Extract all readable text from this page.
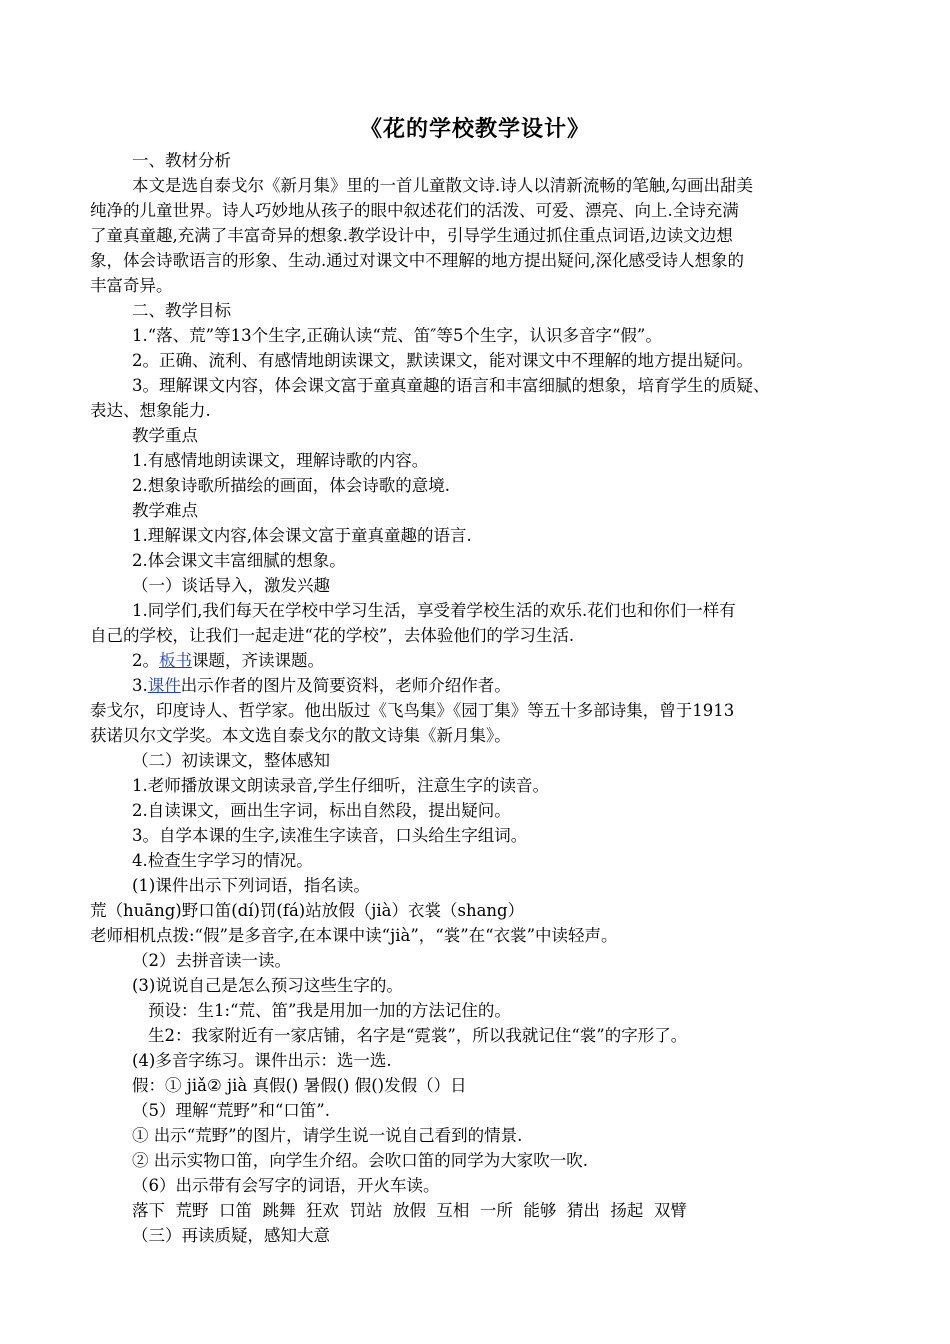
《花的学校教学设计》
一、教材分析
本文是选自泰戈尔《新月集》里的一首儿童散文诗.诗人以清新流畅的笔触,勾画出甜美
纯净的儿童世界。诗人巧妙地从孩子的眼中叙述花们的活泼、可爱、漂亮、向上.全诗充满
了童真童趣,充满了丰富奇异的想象.教学设计中，引导学生通过抓住重点词语,边读文边想
象，体会诗歌语言的形象、生动.通过对课文中不理解的地方提出疑问,深化感受诗人想象的
丰富奇异。
二、教学目标
1.“落、荒”等13个生字,正确认读“荒、笛″等5个生字，认识多音字“假”。
2。正确、流利、有感情地朗读课文，默读课文，能对课文中不理解的地方提出疑问。
3。理解课文内容，体会课文富于童真童趣的语言和丰富细腻的想象，培育学生的质疑、
表达、想象能力.
教学重点
1.有感情地朗读课文，理解诗歌的内容。
2.想象诗歌所描绘的画面，体会诗歌的意境.
教学难点
1.理解课文内容,体会课文富于童真童趣的语言.
2.体会课文丰富细腻的想象。
（一）谈话导入，激发兴趣
1.同学们,我们每天在学校中学习生活，享受着学校生活的欢乐.花们也和你们一样有
自己的学校，让我们一起走进“花的学校”，去体验他们的学习生活.
2。板书课题，齐读课题。
3.课件出示作者的图片及简要资料，老师介绍作者。
泰戈尔，印度诗人、哲学家。他出版过《飞鸟集》《园丁集》等五十多部诗集，曾于1913
获诺贝尔文学奖。本文选自泰戈尔的散文诗集《新月集》。
（二）初读课文，整体感知
1.老师播放课文朗读录音,学生仔细听，注意生字的读音。
2.自读课文，画出生字词，标出自然段，提出疑问。
3。自学本课的生字,读准生字读音，口头给生字组词。
4.检查生字学习的情况。
(1)课件出示下列词语，指名读。
荒（huāng)野口笛(dí)罚(fá)站放假（jià）衣裳（shang）
老师相机点拨:“假”是多音字,在本课中读“jià”，“裳”在“衣裳”中读轻声。
（2）去拼音读一读。
(3)说说自己是怎么预习这些生字的。
预设：生1:“荒、笛”我是用加一加的方法记住的。
生2：我家附近有一家店铺，名字是“霓裳”，所以我就记住“裳”的字形了。
(4)多音字练习。课件出示：选一选.
假：① jiǎ② jià 真假() 暑假() 假()发假（）日
（5）理解“荒野”和“口笛”.
① 出示“荒野”的图片，请学生说一说自己看到的情景.
② 出示实物口笛，向学生介绍。会吹口笛的同学为大家吹一吹.
（6）出示带有会写字的词语，开火车读。
落下  荒野  口笛  跳舞  狂欢  罚站  放假  互相  一所  能够  猜出  扬起  双臂
（三）再读质疑，感知大意
